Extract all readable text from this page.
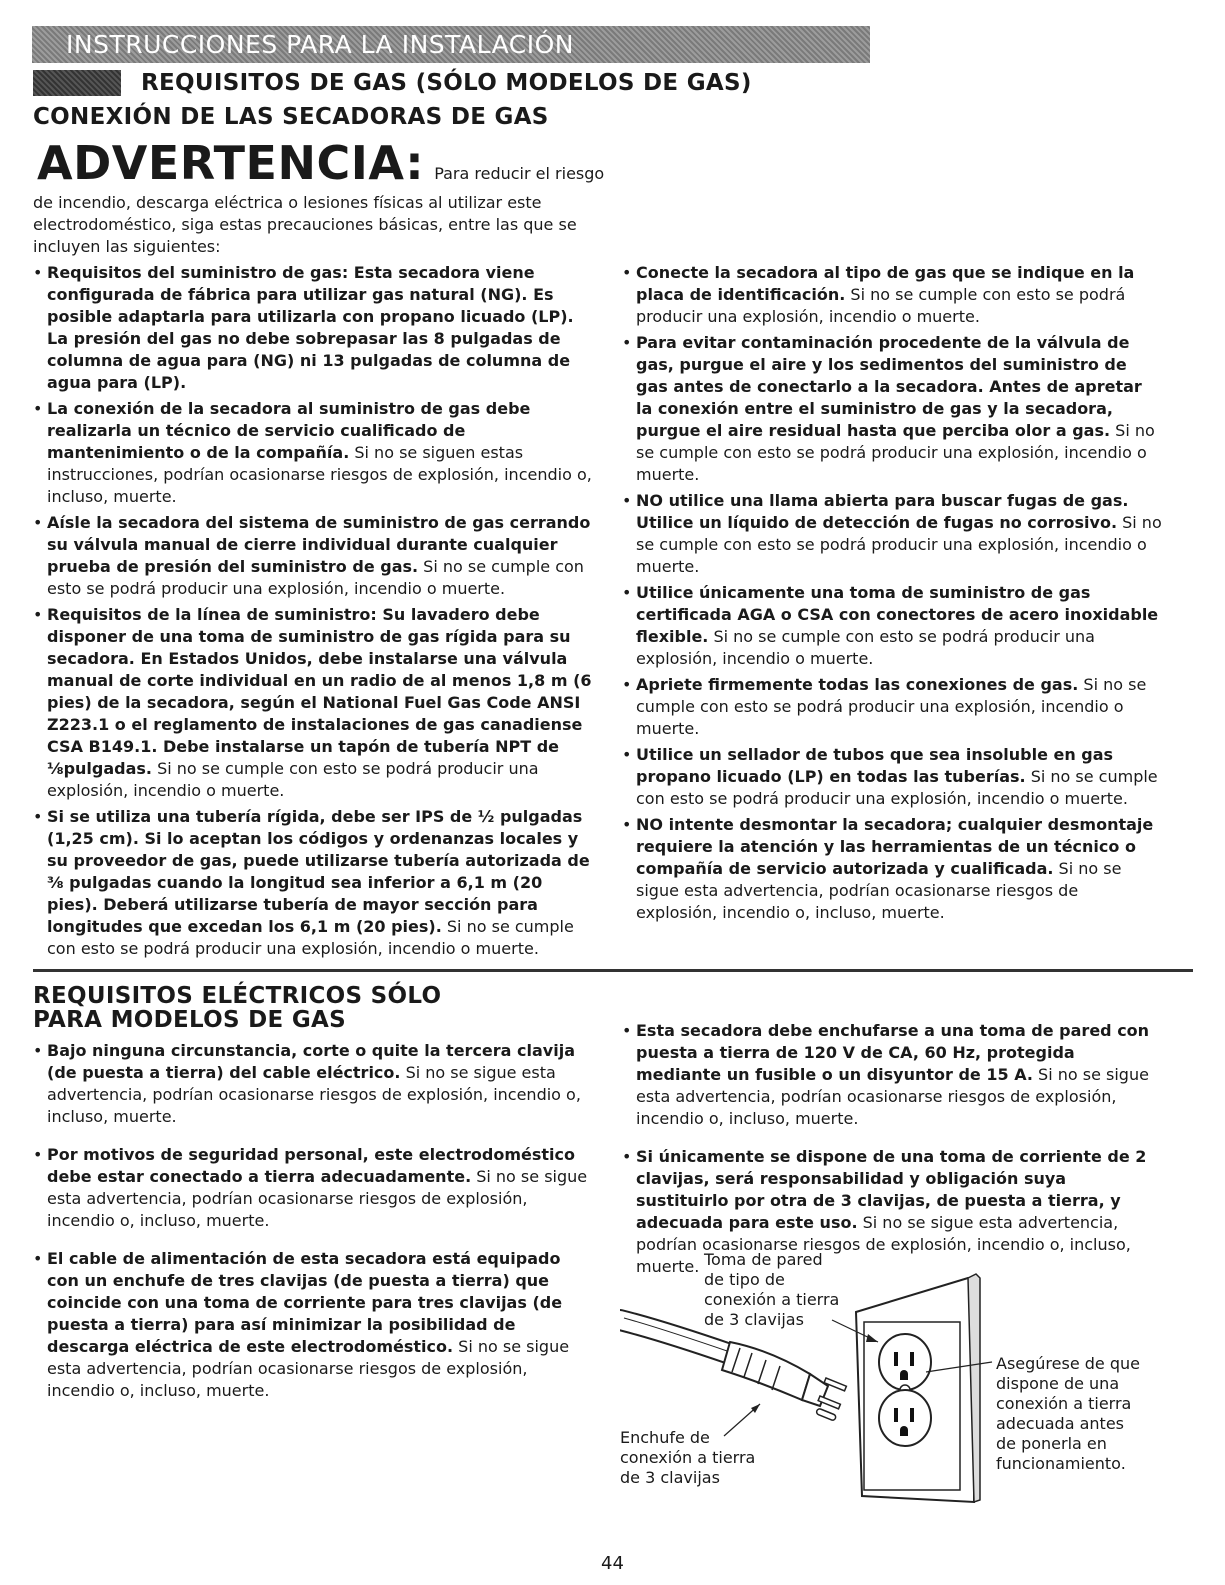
INSTRUCCIONES PARA LA INSTALACIÓN
REQUISITOS DE GAS (SÓLO MODELOS DE GAS)
CONEXIÓN DE LAS SECADORAS DE GAS
ADVERTENCIA: Para reducir el riesgo
de incendio, descarga eléctrica o lesiones físicas al utilizar este electrodoméstico, siga estas precauciones básicas, entre las que se incluyen las siguientes:
• Requisitos del suministro de gas: Esta secadora viene configurada de fábrica para utilizar gas natural (NG). Es posible adaptarla para utilizarla con propano licuado (LP). La presión del gas no debe sobrepasar las 8 pulgadas de columna de agua para (NG) ni 13 pulgadas de columna de agua para (LP).
• La conexión de la secadora al suministro de gas debe realizarla un técnico de servicio cualificado de mantenimiento o de la compañía. Si no se siguen estas instrucciones, podrían ocasionarse riesgos de explosión, incendio o, incluso, muerte.
• Aísle la secadora del sistema de suministro de gas cerrando su válvula manual de cierre individual durante cualquier prueba de presión del suministro de gas. Si no se cumple con esto se podrá producir una explosión, incendio o muerte.
• Requisitos de la línea de suministro: Su lavadero debe disponer de una toma de suministro de gas rígida para su secadora. En Estados Unidos, debe instalarse una válvula manual de corte individual en un radio de al menos 1,8 m (6 pies) de la secadora, según el National Fuel Gas Code ANSI Z223.1 o el reglamento de instalaciones de gas canadiense CSA B149.1. Debe instalarse un tapón de tubería NPT de ⅛pulgadas. Si no se cumple con esto se podrá producir una explosión, incendio o muerte.
• Si se utiliza una tubería rígida, debe ser IPS de ½ pulgadas (1,25 cm). Si lo aceptan los códigos y ordenanzas locales y su proveedor de gas, puede utilizarse tubería autorizada de ⅜ pulgadas cuando la longitud sea inferior a 6,1 m (20 pies). Deberá utilizarse tubería de mayor sección para longitudes que excedan los 6,1 m (20 pies). Si no se cumple con esto se podrá producir una explosión, incendio o muerte.
• Conecte la secadora al tipo de gas que se indique en la placa de identificación. Si no se cumple con esto se podrá producir una explosión, incendio o muerte.
• Para evitar contaminación procedente de la válvula de gas, purgue el aire y los sedimentos del suministro de gas antes de conectarlo a la secadora. Antes de apretar la conexión entre el suministro de gas y la secadora, purgue el aire residual hasta que perciba olor a gas. Si no se cumple con esto se podrá producir una explosión, incendio o muerte.
• NO utilice una llama abierta para buscar fugas de gas. Utilice un líquido de detección de fugas no corrosivo. Si no se cumple con esto se podrá producir una explosión, incendio o muerte.
• Utilice únicamente una toma de suministro de gas certificada AGA o CSA con conectores de acero inoxidable flexible. Si no se cumple con esto se podrá producir una explosión, incendio o muerte.
• Apriete firmemente todas las conexiones de gas. Si no se cumple con esto se podrá producir una explosión, incendio o muerte.
• Utilice un sellador de tubos que sea insoluble en gas propano licuado (LP) en todas las tuberías. Si no se cumple con esto se podrá producir una explosión, incendio o muerte.
• NO intente desmontar la secadora; cualquier desmontaje requiere la atención y las herramientas de un técnico o compañía de servicio autorizada y cualificada. Si no se sigue esta advertencia, podrían ocasionarse riesgos de explosión, incendio o, incluso, muerte.
REQUISITOS ELÉCTRICOS SÓLO
PARA MODELOS DE GAS
• Bajo ninguna circunstancia, corte o quite la tercera clavija (de puesta a tierra) del cable eléctrico. Si no se sigue esta advertencia, podrían ocasionarse riesgos de explosión, incendio o, incluso, muerte.
• Por motivos de seguridad personal, este electrodoméstico debe estar conectado a tierra adecuadamente. Si no se sigue esta advertencia, podrían ocasionarse riesgos de explosión, incendio o, incluso, muerte.
• El cable de alimentación de esta secadora está equipado con un enchufe de tres clavijas (de puesta a tierra) que coincide con una toma de corriente para tres clavijas (de puesta a tierra) para así minimizar la posibilidad de descarga eléctrica de este electrodoméstico. Si no se sigue esta advertencia, podrían ocasionarse riesgos de explosión, incendio o, incluso, muerte.
• Esta secadora debe enchufarse a una toma de pared con puesta a tierra de 120 V de CA, 60 Hz, protegida mediante un fusible o un disyuntor de 15 A. Si no se sigue esta advertencia, podrían ocasionarse riesgos de explosión, incendio o, incluso, muerte.
• Si únicamente se dispone de una toma de corriente de 2 clavijas, será responsabilidad y obligación suya sustituirlo por otra de 3 clavijas, de puesta a tierra, y adecuada para este uso. Si no se sigue esta advertencia, podrían ocasionarse riesgos de explosión, incendio o, incluso, muerte. Toma de pared
de tipo de
conexión a tierra
de 3 clavijas
Enchufe de
conexión a tierra
de 3 clavijas
Asegúrese de que
dispone de una
conexión a tierra
adecuada antes
de ponerla en
funcionamiento.
44
